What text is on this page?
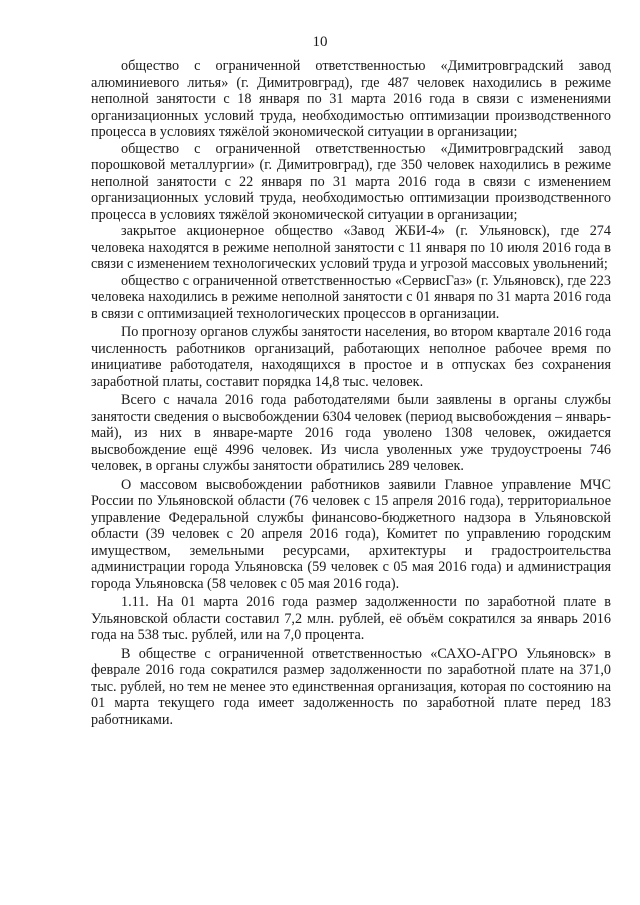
10

общество с ограниченной ответственностью «Димитровградский завод алюминиевого литья» (г. Димитровград), где 487 человек находились в режиме неполной занятости с 18 января по 31 марта 2016 года в связи с изменениями организационных условий труда, необходимостью оптимизации производственного процесса в условиях тяжёлой экономической ситуации в организации;

общество с ограниченной ответственностью «Димитровградский завод порошковой металлургии» (г. Димитровград), где 350 человек находились в режиме неполной занятости с 22 января по 31 марта 2016 года в связи с изменением организационных условий труда, необходимостью оптимизации производственного процесса в условиях тяжёлой экономической ситуации в организации;

закрытое акционерное общество «Завод ЖБИ-4» (г. Ульяновск), где 274 человека находятся в режиме неполной занятости с 11 января по 10 июля 2016 года в связи с изменением технологических условий труда и угрозой массовых увольнений;

общество с ограниченной ответственностью «СервисГаз» (г. Ульяновск), где 223 человека находились в режиме неполной занятости с 01 января по 31 марта 2016 года в связи с оптимизацией технологических процессов в организации.

По прогнозу органов службы занятости населения, во втором квартале 2016 года численность работников организаций, работающих неполное рабочее время по инициативе работодателя, находящихся в простое и в отпусках без сохранения заработной платы, составит порядка 14,8 тыс. человек.

Всего с начала 2016 года работодателями были заявлены в органы службы занятости сведения о высвобождении 6304 человек (период высвобождения – январь-май), из них в январе-марте 2016 года уволено 1308 человек, ожидается высвобождение ещё 4996 человек. Из числа уволенных уже трудоустроены 746 человек, в органы службы занятости обратились 289 человек.

О массовом высвобождении работников заявили Главное управление МЧС России по Ульяновской области (76 человек с 15 апреля 2016 года), территориальное управление Федеральной службы финансово-бюджетного надзора в Ульяновской области (39 человек с 20 апреля 2016 года), Комитет по управлению городским имуществом, земельными ресурсами, архитектуры и градостроительства администрации города Ульяновска (59 человек с 05 мая 2016 года) и администрация города Ульяновска (58 человек с 05 мая 2016 года).

1.11. На 01 марта 2016 года размер задолженности по заработной плате в Ульяновской области составил 7,2 млн. рублей, её объём сократился за январь 2016 года на 538 тыс. рублей, или на 7,0 процента.

В обществе с ограниченной ответственностью «САХО-АГРО Ульяновск» в феврале 2016 года сократился размер задолженности по заработной плате на 371,0 тыс. рублей, но тем не менее это единственная организация, которая по состоянию на 01 марта текущего года имеет задолженность по заработной плате перед 183 работниками.
